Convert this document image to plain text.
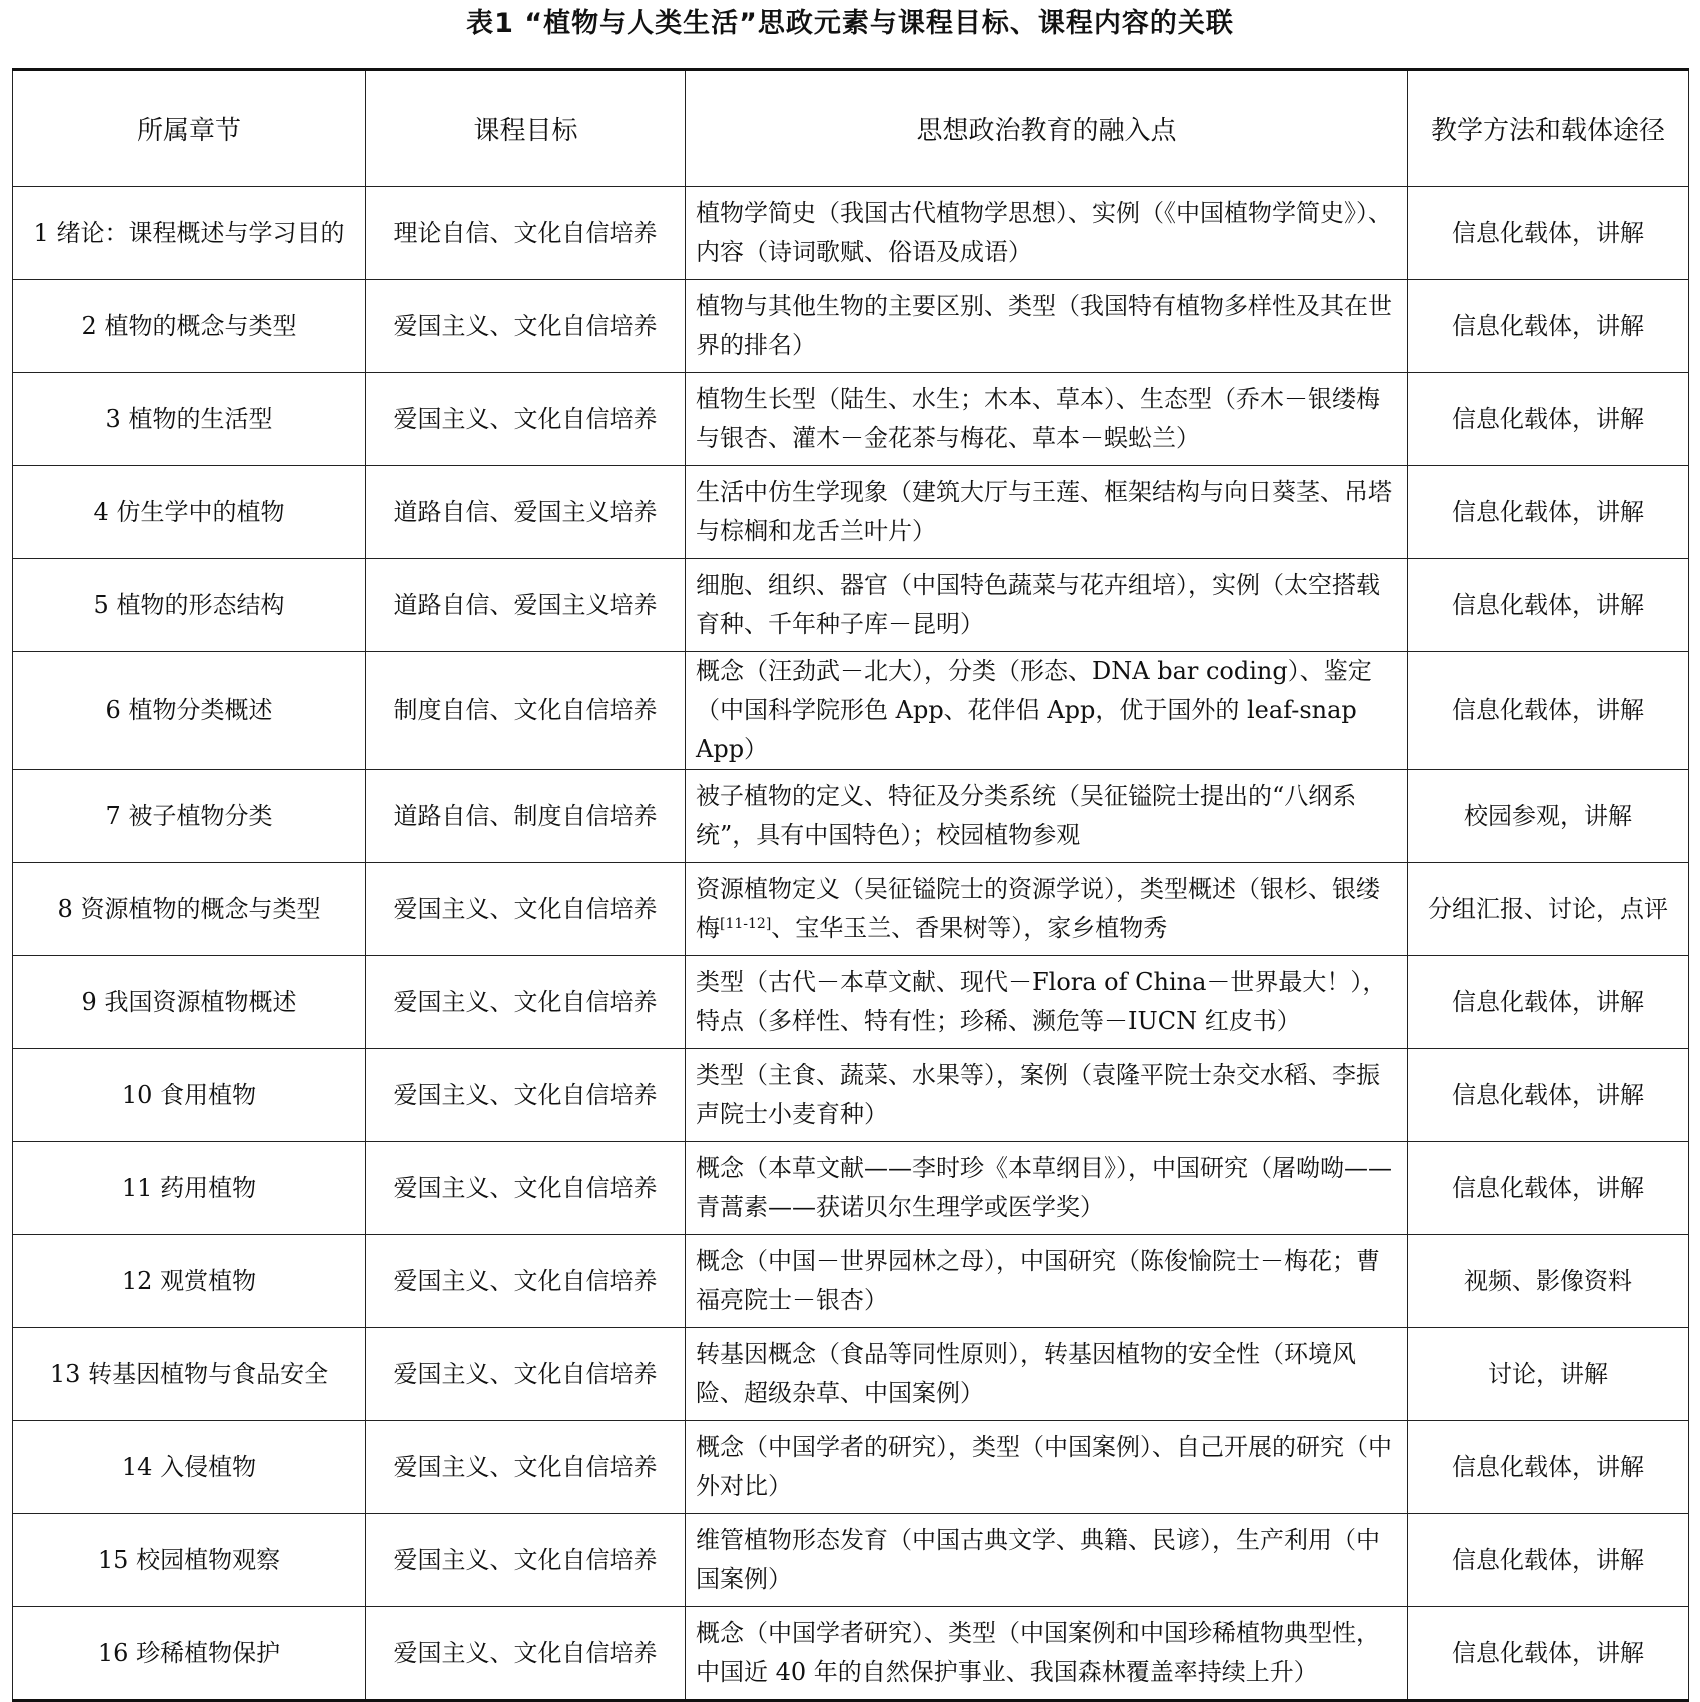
表1 “植物与人类生活”思政元素与课程目标、课程内容的关联
所属章节	课程目标	思想政治教育的融入点	教学方法和载体途径
1 绪论：课程概述与学习目的	理论自信、文化自信培养	植物学简史（我国古代植物学思想）、实例（《中国植物学简史》）、内容（诗词歌赋、俗语及成语）	信息化载体，讲解
2 植物的概念与类型	爱国主义、文化自信培养	植物与其他生物的主要区别、类型（我国特有植物多样性及其在世界的排名）	信息化载体，讲解
3 植物的生活型	爱国主义、文化自信培养	植物生长型（陆生、水生；木本、草本）、生态型（乔木－银缕梅与银杏、灌木－金花茶与梅花、草本－蜈蚣兰）	信息化载体，讲解
4 仿生学中的植物	道路自信、爱国主义培养	生活中仿生学现象（建筑大厅与王莲、框架结构与向日葵茎、吊塔与棕榈和龙舌兰叶片）	信息化载体，讲解
5 植物的形态结构	道路自信、爱国主义培养	细胞、组织、器官（中国特色蔬菜与花卉组培），实例（太空搭载育种、千年种子库－昆明）	信息化载体，讲解
6 植物分类概述	制度自信、文化自信培养	概念（汪劲武－北大），分类（形态、DNA bar coding）、鉴定（中国科学院形色 App、花伴侣 App，优于国外的 leaf-snap App）	信息化载体，讲解
7 被子植物分类	道路自信、制度自信培养	被子植物的定义、特征及分类系统（吴征镒院士提出的“八纲系统”，具有中国特色）；校园植物参观	校园参观，讲解
8 资源植物的概念与类型	爱国主义、文化自信培养	资源植物定义（吴征镒院士的资源学说），类型概述（银杉、银缕梅[11-12]、宝华玉兰、香果树等），家乡植物秀	分组汇报、讨论，点评
9 我国资源植物概述	爱国主义、文化自信培养	类型（古代－本草文献、现代－Flora of China－世界最大！），特点（多样性、特有性；珍稀、濒危等－IUCN 红皮书）	信息化载体，讲解
10 食用植物	爱国主义、文化自信培养	类型（主食、蔬菜、水果等），案例（袁隆平院士杂交水稻、李振声院士小麦育种）	信息化载体，讲解
11 药用植物	爱国主义、文化自信培养	概念（本草文献——李时珍《本草纲目》），中国研究（屠呦呦——青蒿素——获诺贝尔生理学或医学奖）	信息化载体，讲解
12 观赏植物	爱国主义、文化自信培养	概念（中国－世界园林之母），中国研究（陈俊愉院士－梅花；曹福亮院士－银杏）	视频、影像资料
13 转基因植物与食品安全	爱国主义、文化自信培养	转基因概念（食品等同性原则），转基因植物的安全性（环境风险、超级杂草、中国案例）	讨论，讲解
14 入侵植物	爱国主义、文化自信培养	概念（中国学者的研究），类型（中国案例）、自己开展的研究（中外对比）	信息化载体，讲解
15 校园植物观察	爱国主义、文化自信培养	维管植物形态发育（中国古典文学、典籍、民谚），生产利用（中国案例）	信息化载体，讲解
16 珍稀植物保护	爱国主义、文化自信培养	概念（中国学者研究）、类型（中国案例和中国珍稀植物典型性，中国近 40 年的自然保护事业、我国森林覆盖率持续上升）	信息化载体，讲解
